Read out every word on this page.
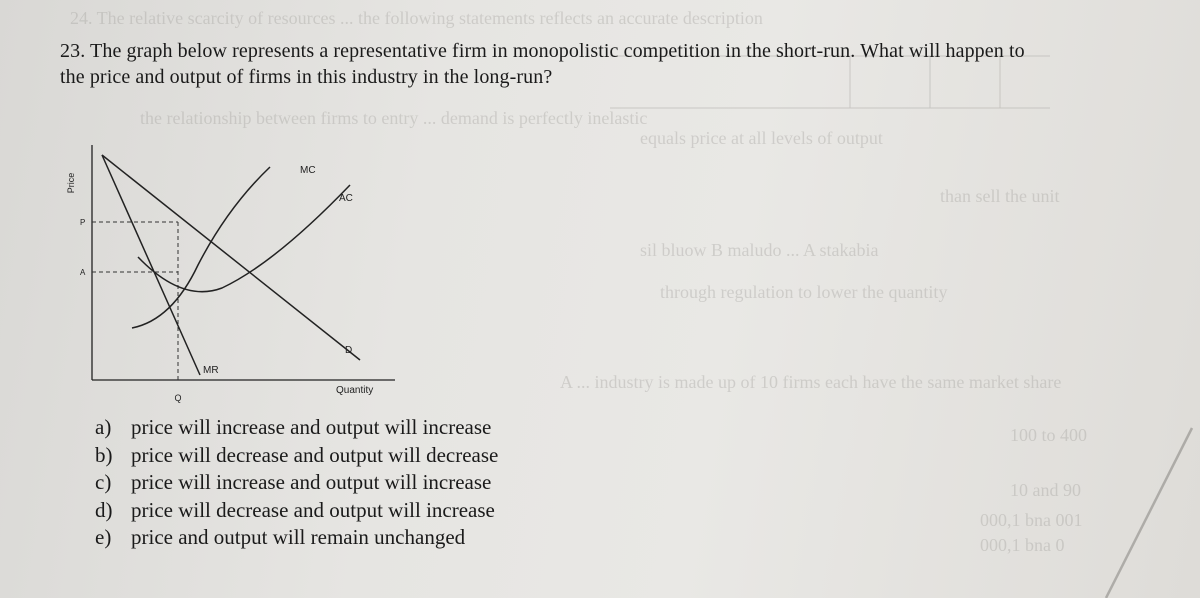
24. The relative scarcity of resources ... the following statements reflects an accurate description
the relationship between firms to entry ... demand is perfectly inelastic
equals price at all levels of output
than sell the unit
sil bluow B maludo ... A stakabia
through regulation to lower the quantity
A ... industry is made up of 10 firms each have the same market share
100 to 400
10 and 90
000,1 bna 001
000,1 bna 0
23. The graph below represents a representative firm in monopolistic competition in the short-run. What will happen to
the price and output of firms in this industry in the long-run?
Price
P
A
Q
Quantity
MC
AC
D
MR
a) price will increase and output will increase
b) price will decrease and output will decrease
c) price will increase and output will increase
d) price will decrease and output will increase
e) price and output will remain unchanged
